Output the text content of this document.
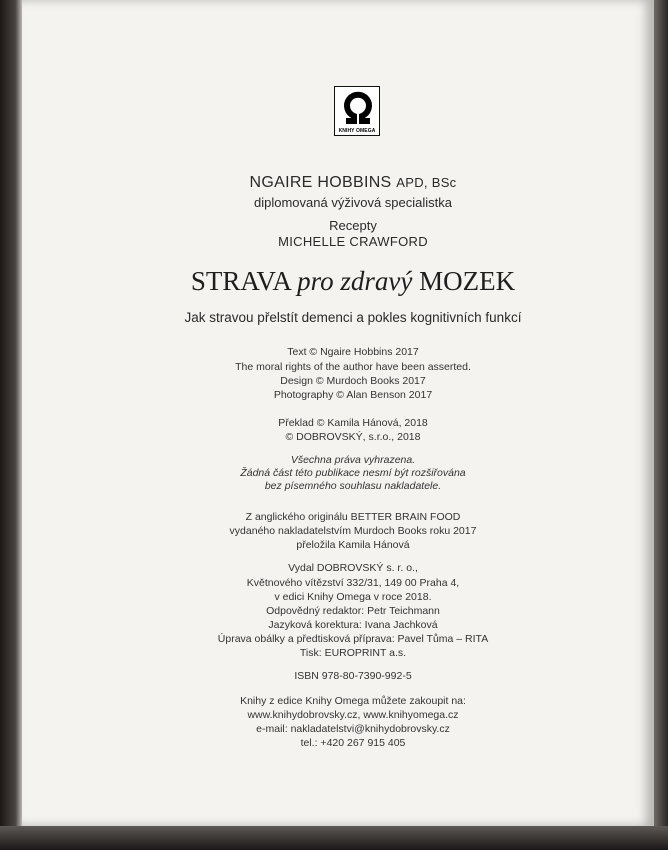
KNIHY OMEGA
NGAIRE HOBBINS APD, BSc
diplomovaná výživová specialistka
Recepty
MICHELLE CRAWFORD
STRAVA pro zdravý MOZEK
Jak stravou přelstít demenci a pokles kognitivních funkcí
Text © Ngaire Hobbins 2017
The moral rights of the author have been asserted.
Design © Murdoch Books 2017
Photography © Alan Benson 2017
Překlad © Kamila Hánová, 2018
© DOBROVSKÝ, s.r.o., 2018
Všechna práva vyhrazena.
Žádná část této publikace nesmí být rozšiřována
bez písemného souhlasu nakladatele.
Z anglického originálu BETTER BRAIN FOOD
vydaného nakladatelstvím Murdoch Books roku 2017
přeložila Kamila Hánová
Vydal DOBROVSKÝ s. r. o.,
Květnového vítězství 332/31, 149 00 Praha 4,
v edici Knihy Omega v roce 2018.
Odpovědný redaktor: Petr Teichmann
Jazyková korektura: Ivana Jachková
Úprava obálky a předtisková příprava: Pavel Tůma – RITA
Tisk: EUROPRINT a.s.
ISBN 978-80-7390-992-5
Knihy z edice Knihy Omega můžete zakoupit na:
www.knihydobrovsky.cz, www.knihyomega.cz
e-mail: nakladatelstvi@knihydobrovsky.cz
tel.: +420 267 915 405
